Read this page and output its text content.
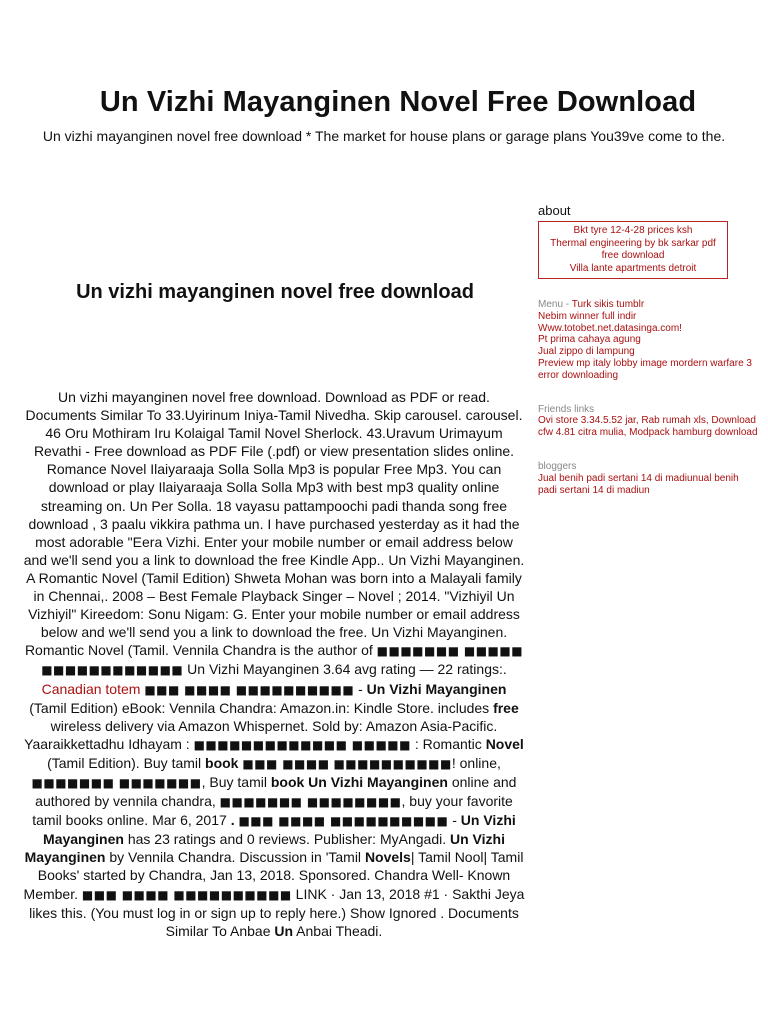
Un Vizhi Mayanginen Novel Free Download

Un vizhi mayanginen novel free download * The market for house plans or garage plans You39ve come to the.

Un vizhi mayanginen novel free download

Un vizhi mayanginen novel free download. Download as PDF or read. Documents Similar To 33.Uyirinum Iniya-Tamil Nivedha. Skip carousel. carousel. 46 Oru Mothiram Iru Kolaigal Tamil Novel Sherlock. 43.Uravum Urimayum Revathi - Free download as PDF File (.pdf) or view presentation slides online. Romance Novel Ilaiyaraaja Solla Solla Mp3 is popular Free Mp3. You can download or play Ilaiyaraaja Solla Solla Mp3 with best mp3 quality online streaming on. Un Per Solla. 18 vayasu pattampoochi padi thanda song free download , 3 paalu vikkira pathma un. I have purchased yesterday as it had the most adorable "Eera Vizhi. Enter your mobile number or email address below and we'll send you a link to download the free Kindle App.. Un Vizhi Mayanginen. A Romantic Novel (Tamil Edition) Shweta Mohan was born into a Malayali family in Chennai,. 2008 – Best Female Playback Singer – Novel ; 2014. "Vizhiyil Un Vizhiyil" Kireedom: Sonu Nigam: G. Enter your mobile number or email address below and we'll send you a link to download the free. Un Vizhi Mayanginen. Romantic Novel (Tamil. Vennila Chandra is the author of ■■■■■■■ ■■■■■ ■■■■■■■■■■■■ Un Vizhi Mayanginen 3.64 avg rating — 22 ratings:. Canadian totem ■■■ ■■■■ ■■■■■■■■■■ - Un Vizhi Mayanginen (Tamil Edition) eBook: Vennila Chandra: Amazon.in: Kindle Store. includes free wireless delivery via Amazon Whispernet. Sold by: Amazon Asia-Pacific. Yaaraikkettadhu Idhayam : ■■■■■■■■■■■■■ ■■■■■ : Romantic Novel (Tamil Edition). Buy tamil book ■■■ ■■■■ ■■■■■■■■■■! online, ■■■■■■■ ■■■■■■■, Buy tamil book Un Vizhi Mayanginen online and authored by vennila chandra, ■■■■■■■ ■■■■■■■■, buy your favorite tamil books online. Mar 6, 2017 . ■■■ ■■■■ ■■■■■■■■■■ - Un Vizhi Mayanginen has 23 ratings and 0 reviews. Publisher: MyAngadi. Un Vizhi Mayanginen by Vennila Chandra. Discussion in 'Tamil Novels| Tamil Nool| Tamil Books' started by Chandra, Jan 13, 2018. Sponsored. Chandra Well- Known Member. ■■■ ■■■■ ■■■■■■■■■■ LINK · Jan 13, 2018 #1 · Sakthi Jeya likes this. (You must log in or sign up to reply here.) Show Ignored . Documents Similar To Anbae Un Anbai Theadi.

about
Bkt tyre 12-4-28 prices ksh
Thermal engineering by bk sarkar pdf free download
Villa lante apartments detroit
Menu - Turk sikis tumblr
Nebim winner full indir
Www.totobet.net.datasinga.com!
Pt prima cahaya agung
Jual zippo di lampung
Preview mp italy lobby image mordern warfare 3 error downloading
Friends links
Ovi store 3.34.5.52 jar, Rab rumah xls, Download cfw 4.81 citra mulia, Modpack hamburg download
bloggers
Jual benih padi sertani 14 di madiunual benih padi sertani 14 di madiun
